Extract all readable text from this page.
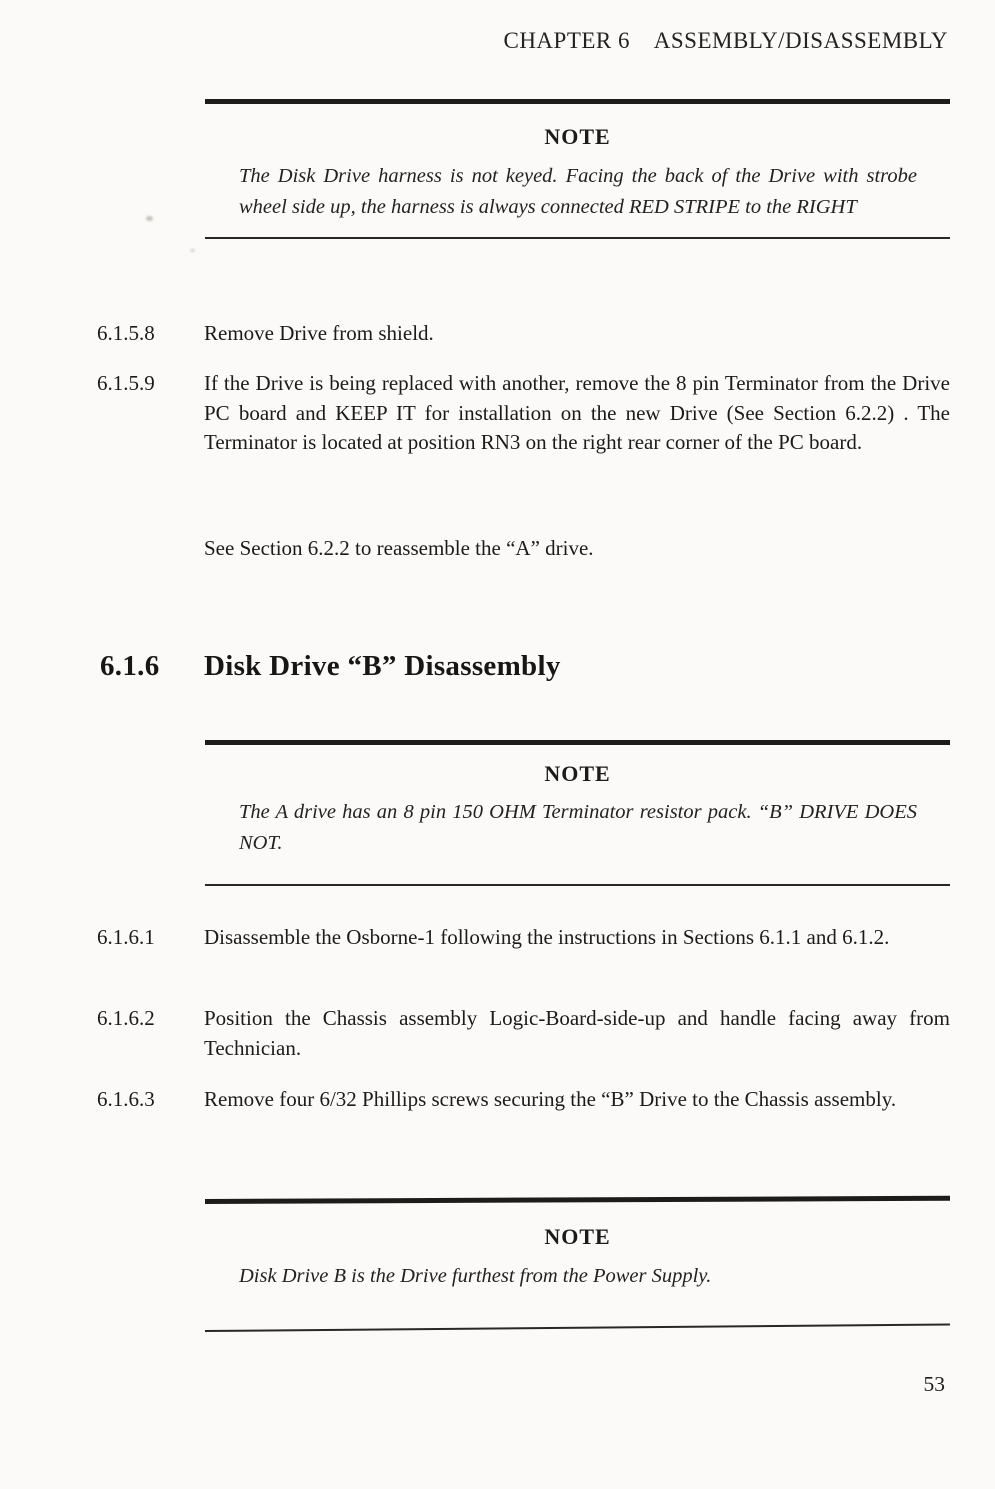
CHAPTER 6    ASSEMBLY/DISASSEMBLY
NOTE
The Disk Drive harness is not keyed. Facing the back of the Drive with strobe wheel side up, the harness is always connected RED STRIPE to the RIGHT
6.1.5.8	Remove Drive from shield.
6.1.5.9	If the Drive is being replaced with another, remove the 8 pin Terminator from the Drive PC board and KEEP IT for installation on the new Drive (See Section 6.2.2) . The Terminator is located at position RN3 on the right rear corner of the PC board.
See Section 6.2.2 to reassemble the “A” drive.
6.1.6	Disk Drive “B” Disassembly
NOTE
The A drive has an 8 pin 150 OHM Terminator resistor pack. “B” DRIVE DOES NOT.
6.1.6.1	Disassemble the Osborne-1 following the instructions in Sections 6.1.1 and 6.1.2.
6.1.6.2	Position the Chassis assembly Logic-Board-side-up and handle facing away from Technician.
6.1.6.3	Remove four 6/32 Phillips screws securing the “B” Drive to the Chassis assembly.
NOTE
Disk Drive B is the Drive furthest from the Power Supply.
53
